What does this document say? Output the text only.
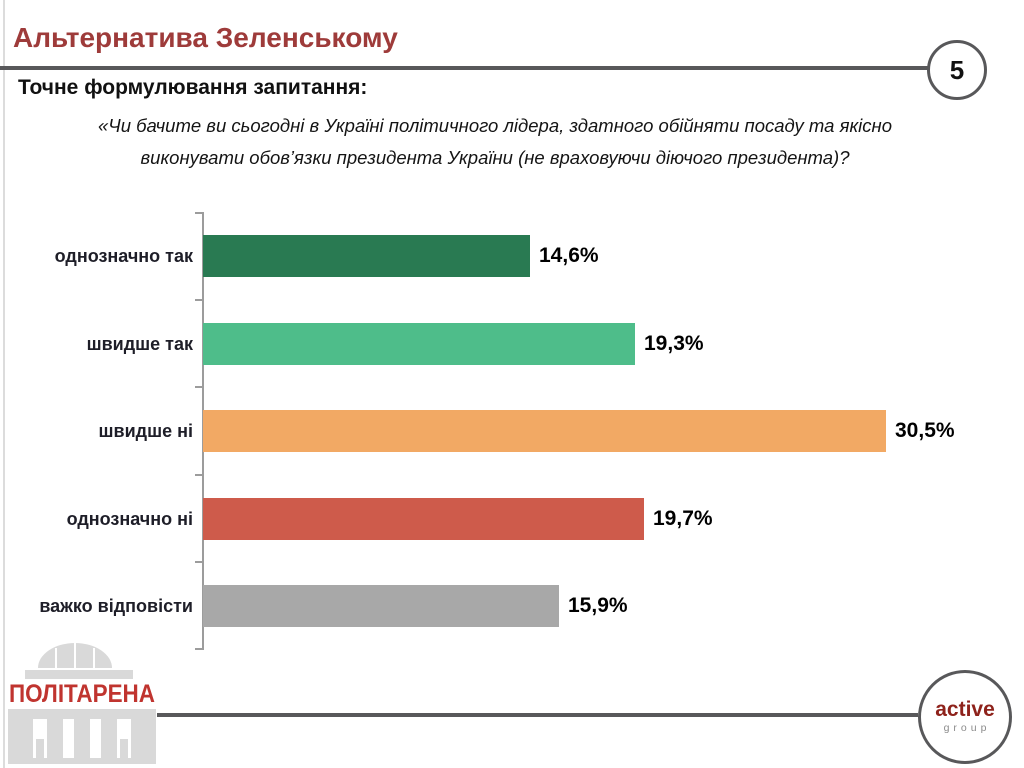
Альтернатива Зеленському
5
Точне формулювання запитання:
«Чи бачите ви сьогодні в Україні політичного лідера, здатного обійняти посаду та якісно
виконувати обов’язки президента України (не враховуючи діючого президента)?
однозначно так	14,6%
швидше так	19,3%
швидше ні	30,5%
однозначно ні	19,7%
важко відповісти	15,9%
active
group
ПОЛІТАРЕНА
